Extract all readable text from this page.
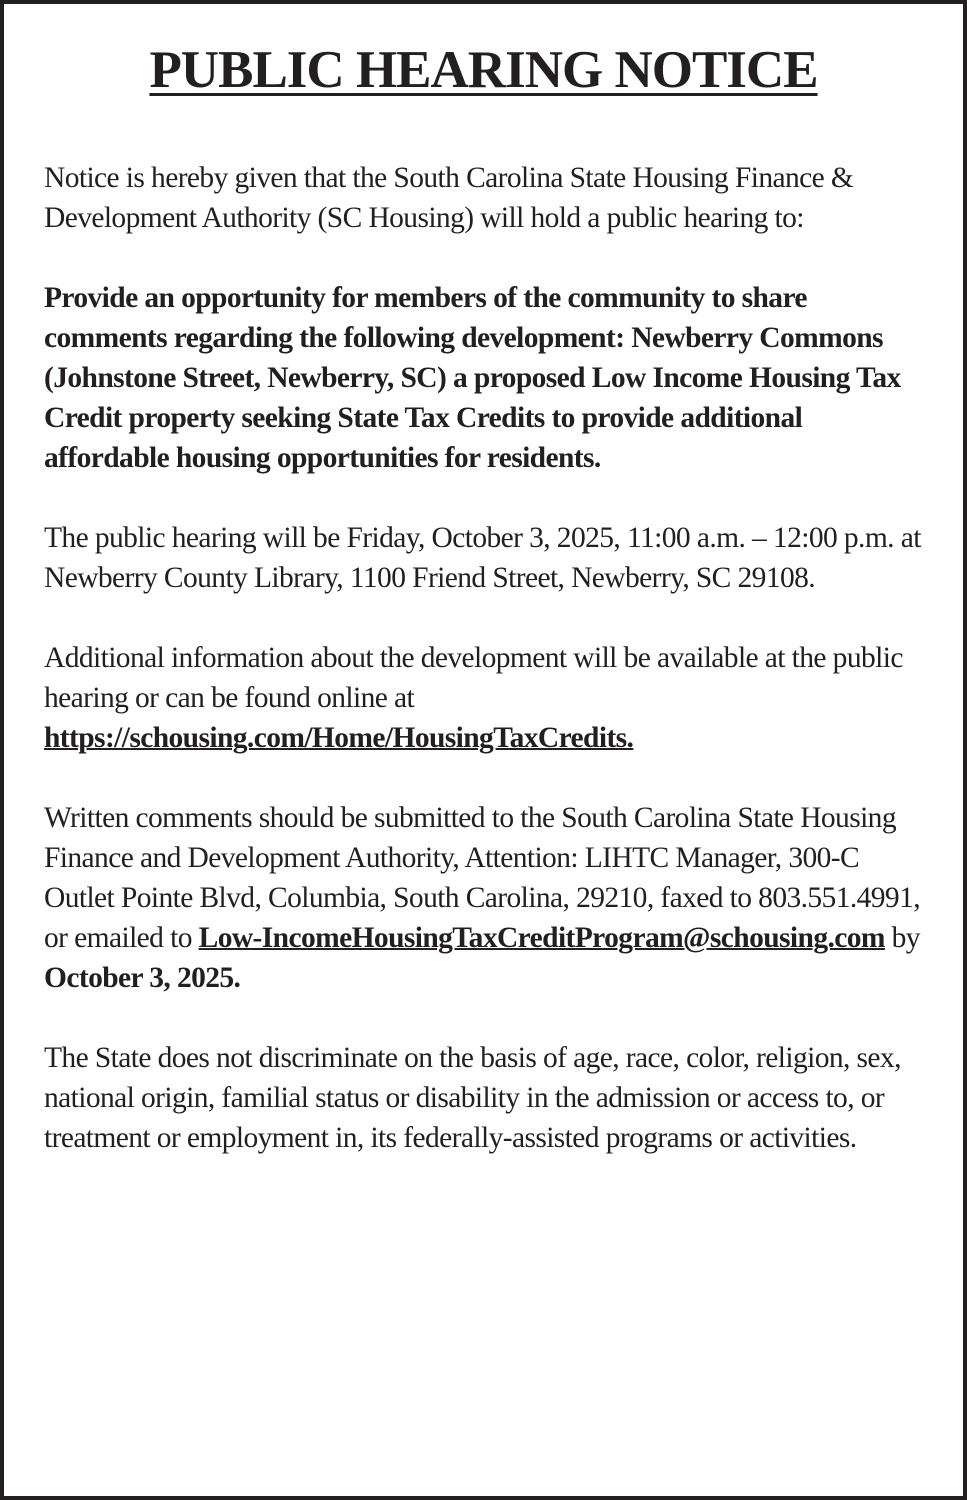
PUBLIC HEARING NOTICE

Notice is hereby given that the South Carolina State Housing Finance & Development Authority (SC Housing) will hold a public hearing to:

Provide an opportunity for members of the community to share comments regarding the following development: Newberry Commons (Johnstone Street, Newberry, SC) a proposed Low Income Housing Tax Credit property seeking State Tax Credits to provide additional affordable housing opportunities for residents.

The public hearing will be Friday, October 3, 2025, 11:00 a.m. – 12:00 p.m. at Newberry County Library, 1100 Friend Street, Newberry, SC 29108.

Additional information about the development will be available at the public hearing or can be found online at https://schousing.com/Home/HousingTaxCredits.

Written comments should be submitted to the South Carolina State Housing Finance and Development Authority, Attention: LIHTC Manager, 300-C Outlet Pointe Blvd, Columbia, South Carolina, 29210, faxed to 803.551.4991, or emailed to Low-IncomeHousingTaxCreditProgram@schousing.com by October 3, 2025.

The State does not discriminate on the basis of age, race, color, religion, sex, national origin, familial status or disability in the admission or access to, or treatment or employment in, its federally-assisted programs or activities.
